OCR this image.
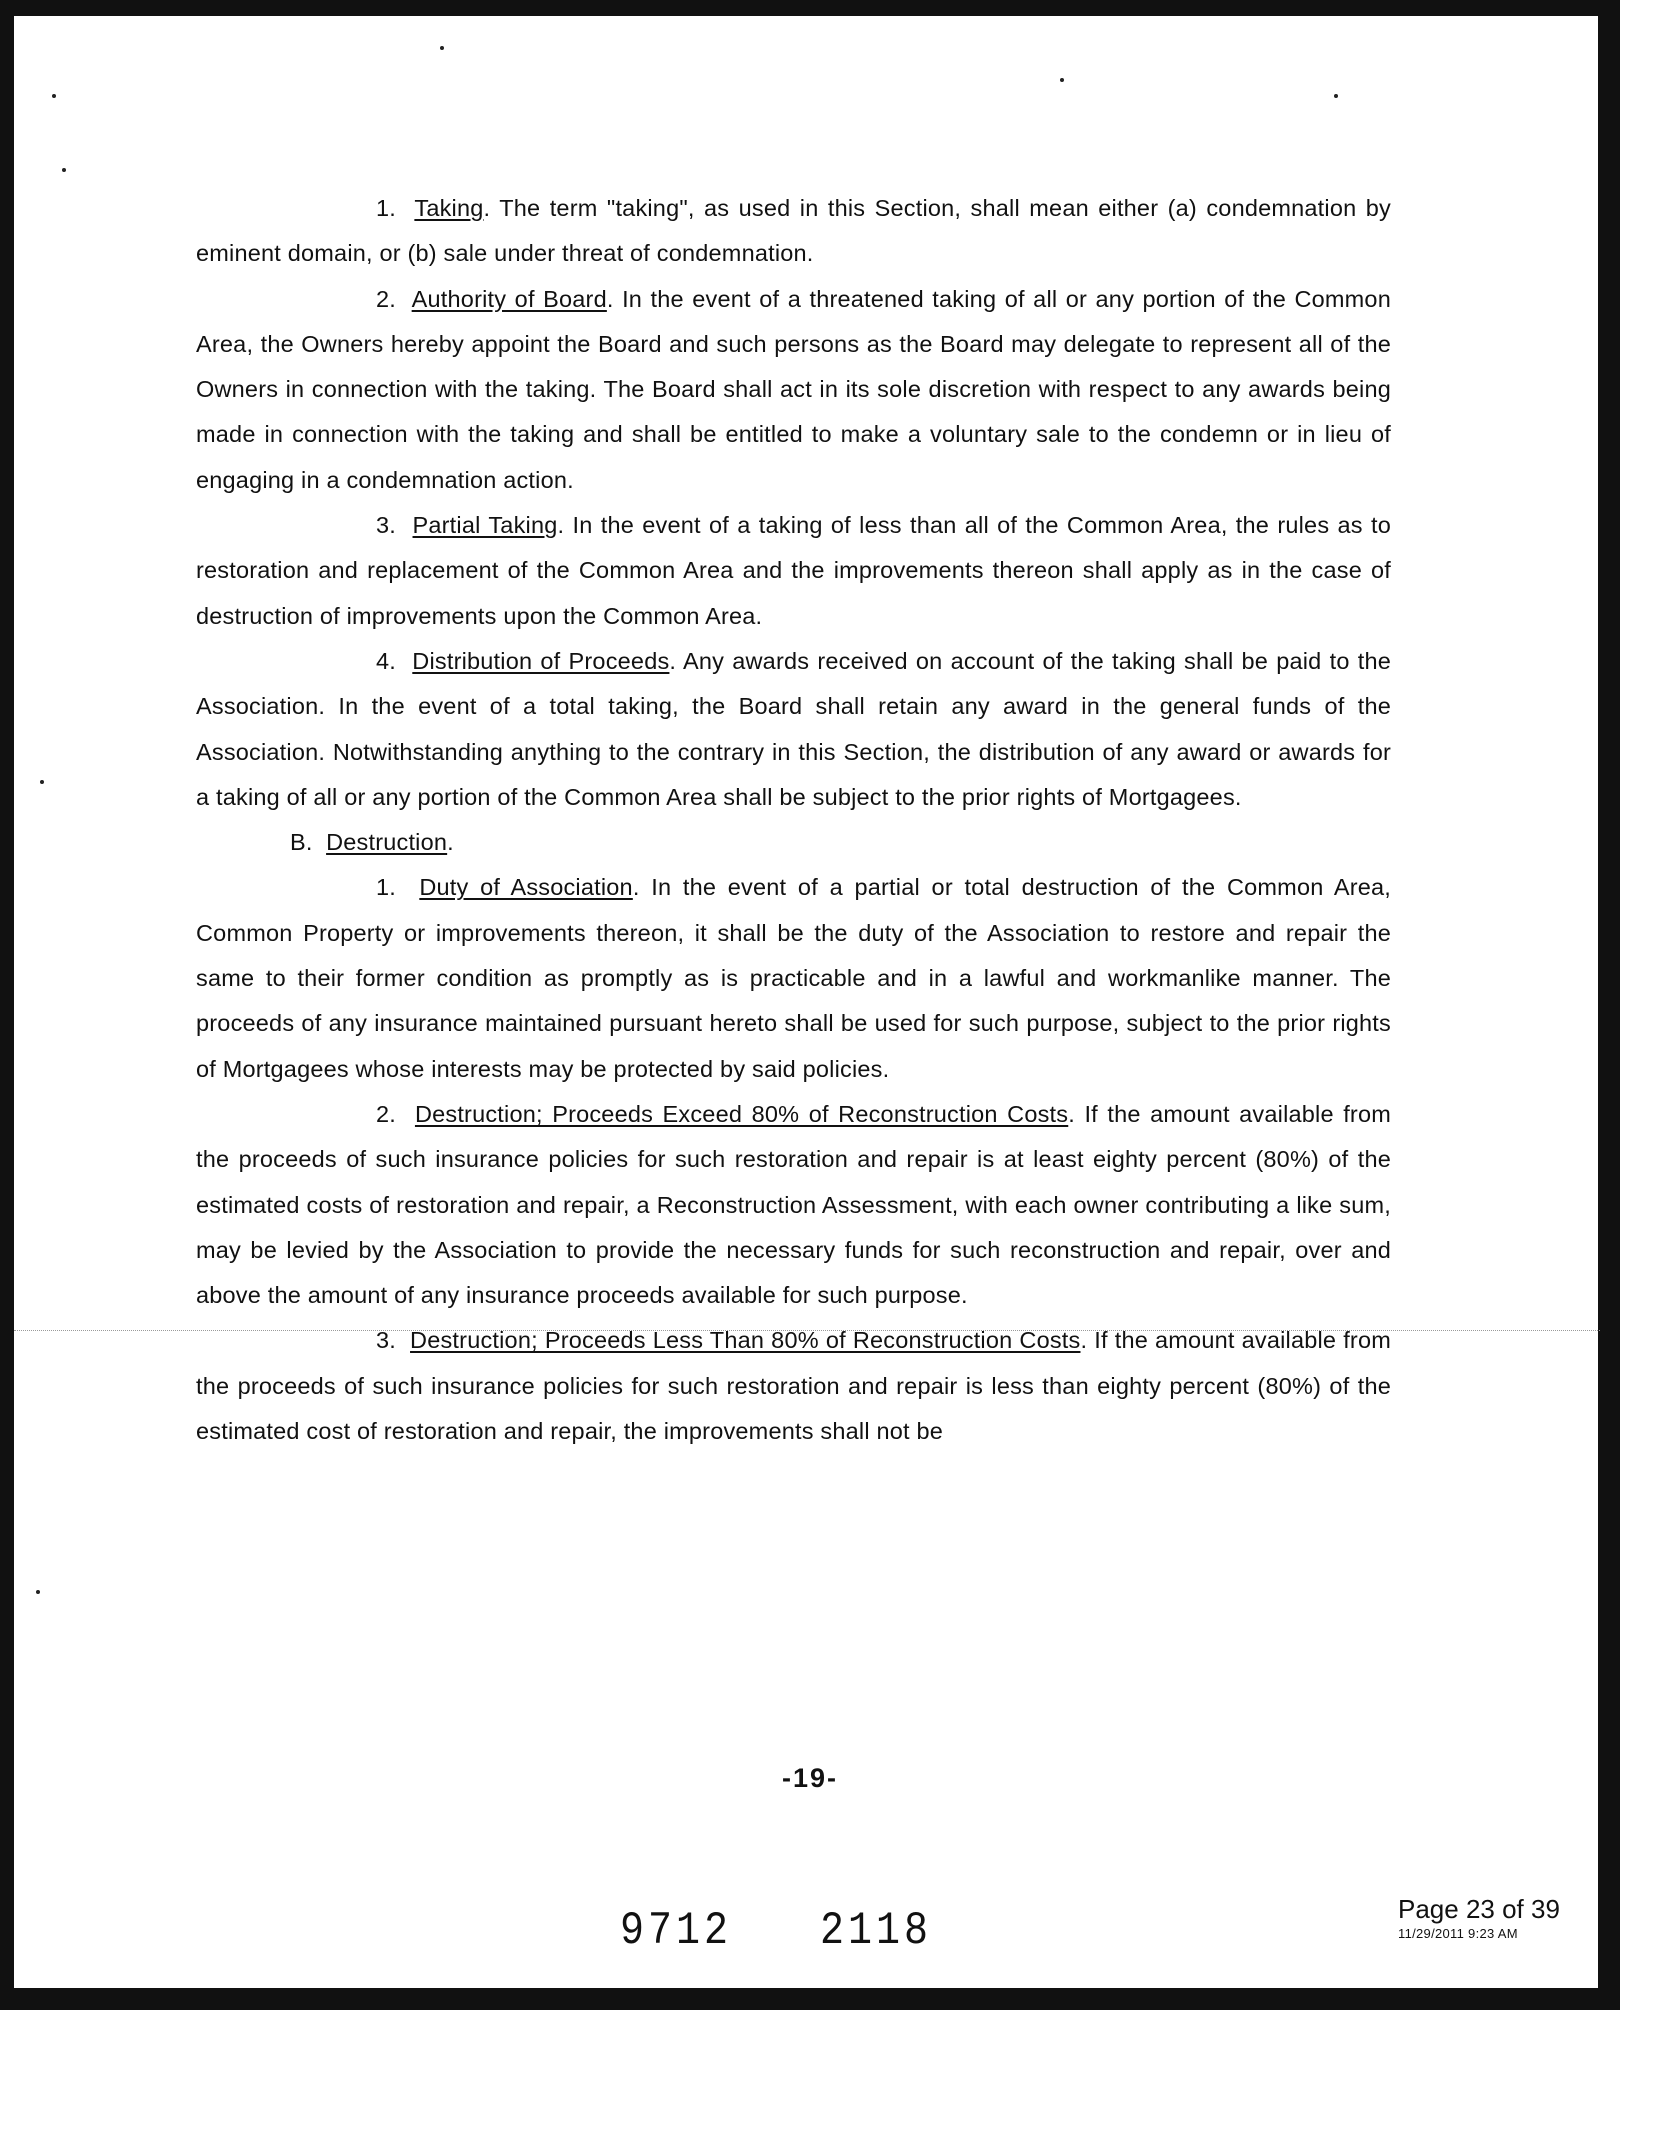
1. Taking. The term "taking", as used in this Section, shall mean either (a) condemnation by eminent domain, or (b) sale under threat of condemnation.

2. Authority of Board. In the event of a threatened taking of all or any portion of the Common Area, the Owners hereby appoint the Board and such persons as the Board may delegate to represent all of the Owners in connection with the taking. The Board shall act in its sole discretion with respect to any awards being made in connection with the taking and shall be entitled to make a voluntary sale to the condemn or in lieu of engaging in a condemnation action.

3. Partial Taking. In the event of a taking of less than all of the Common Area, the rules as to restoration and replacement of the Common Area and the improvements thereon shall apply as in the case of destruction of improvements upon the Common Area.

4. Distribution of Proceeds. Any awards received on account of the taking shall be paid to the Association. In the event of a total taking, the Board shall retain any award in the general funds of the Association. Notwithstanding anything to the contrary in this Section, the distribution of any award or awards for a taking of all or any portion of the Common Area shall be subject to the prior rights of Mortgagees.

B. Destruction.

1. Duty of Association. In the event of a partial or total destruction of the Common Area, Common Property or improvements thereon, it shall be the duty of the Association to restore and repair the same to their former condition as promptly as is practicable and in a lawful and workmanlike manner. The proceeds of any insurance maintained pursuant hereto shall be used for such purpose, subject to the prior rights of Mortgagees whose interests may be protected by said policies.

2. Destruction; Proceeds Exceed 80% of Reconstruction Costs. If the amount available from the proceeds of such insurance policies for such restoration and repair is at least eighty percent (80%) of the estimated costs of restoration and repair, a Reconstruction Assessment, with each owner contributing a like sum, may be levied by the Association to provide the necessary funds for such reconstruction and repair, over and above the amount of any insurance proceeds available for such purpose.

3. Destruction; Proceeds Less Than 80% of Reconstruction Costs. If the amount available from the proceeds of such insurance policies for such restoration and repair is less than eighty percent (80%) of the estimated cost of restoration and repair, the improvements shall not be

-19-
9712 2118	Page 23 of 39
11/29/2011 9:23 AM
